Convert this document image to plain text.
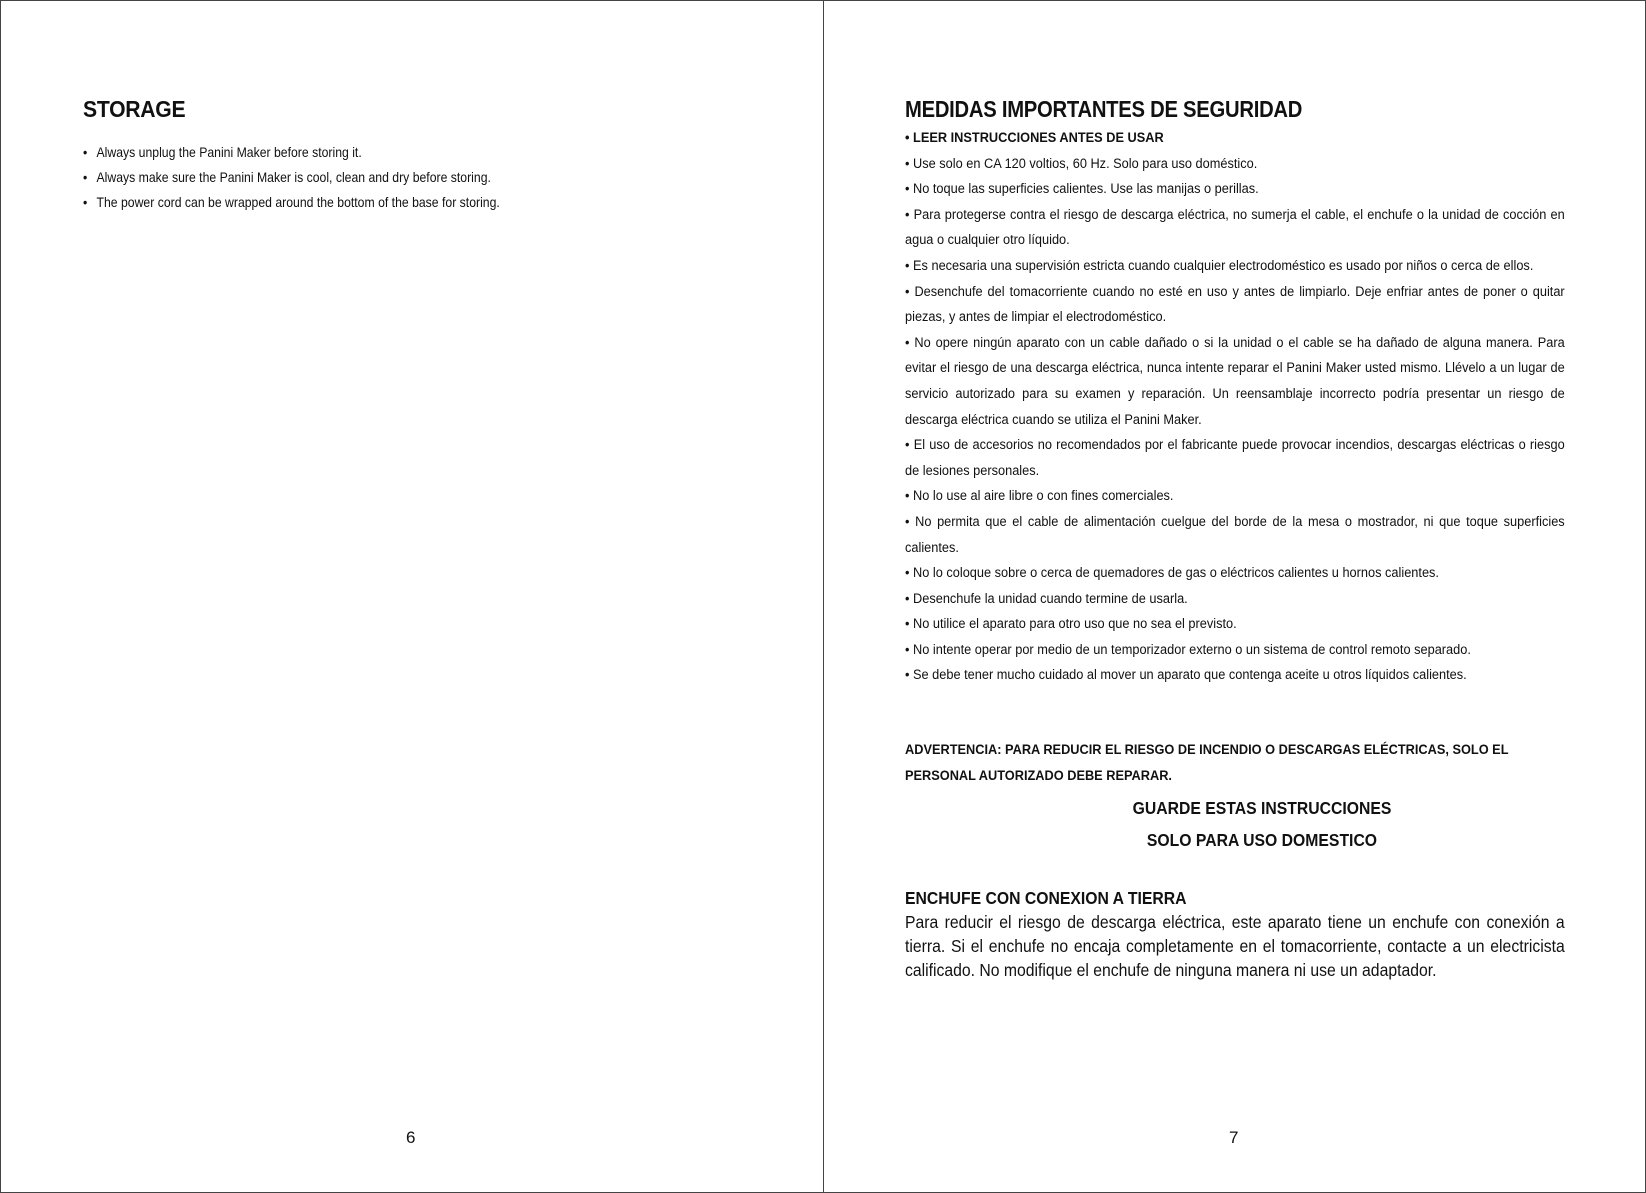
STORAGE
• Always unplug the Panini Maker before storing it.
• Always make sure the Panini Maker is cool, clean and dry before storing.
• The power cord can be wrapped around the bottom of the base for storing.
6
MEDIDAS IMPORTANTES DE SEGURIDAD

• LEER INSTRUCCIONES ANTES DE USAR

• Use solo en CA 120 voltios, 60 Hz. Solo para uso doméstico.

• No toque las superficies calientes. Use las manijas o perillas.

• Para protegerse contra el riesgo de descarga eléctrica, no sumerja el cable, el enchufe o la unidad de cocción en agua o cualquier otro líquido.

• Es necesaria una supervisión estricta cuando cualquier electrodoméstico es usado por niños o cerca de ellos.

• Desenchufe del tomacorriente cuando no esté en uso y antes de limpiarlo. Deje enfriar antes de poner o quitar piezas, y antes de limpiar el electrodoméstico.

• No opere ningún aparato con un cable dañado o si la unidad o el cable se ha dañado de alguna manera. Para evitar el riesgo de una descarga eléctrica, nunca intente reparar el Panini Maker usted mismo. Llévelo a un lugar de servicio autorizado para su examen y reparación. Un reensamblaje incorrecto podría presentar un riesgo de descarga eléctrica cuando se utiliza el Panini Maker.

• El uso de accesorios no recomendados por el fabricante puede provocar incendios, descargas eléctricas o riesgo de lesiones personales.

• No lo use al aire libre o con fines comerciales.

• No permita que el cable de alimentación cuelgue del borde de la mesa o mostrador, ni que toque superficies calientes.

• No lo coloque sobre o cerca de quemadores de gas o eléctricos calientes u hornos calientes.

• Desenchufe la unidad cuando termine de usarla.

• No utilice el aparato para otro uso que no sea el previsto.

• No intente operar por medio de un temporizador externo o un sistema de control remoto separado.

• Se debe tener mucho cuidado al mover un aparato que contenga aceite u otros líquidos calientes.

ADVERTENCIA: PARA REDUCIR EL RIESGO DE INCENDIO O DESCARGAS ELÉCTRICAS, SOLO EL PERSONAL AUTORIZADO DEBE REPARAR.

GUARDE ESTAS INSTRUCCIONES

SOLO PARA USO DOMESTICO

ENCHUFE CON CONEXION A TIERRA

Para reducir el riesgo de descarga eléctrica, este aparato tiene un enchufe con conexión a tierra. Si el enchufe no encaja completamente en el tomacorriente, contacte a un electricista calificado. No modifique el enchufe de ninguna manera ni use un adaptador.

7
